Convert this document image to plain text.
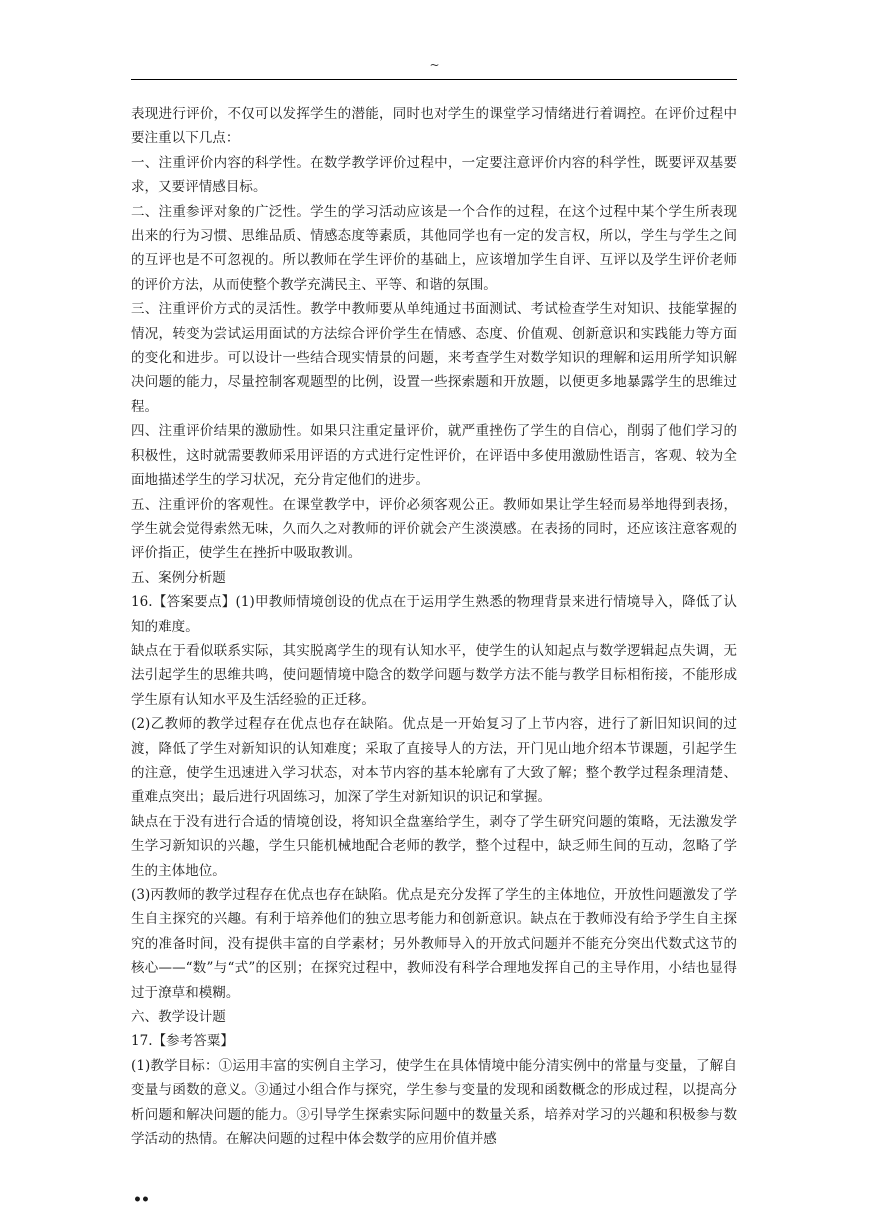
~

表现进行评价，不仅可以发挥学生的潜能，同时也对学生的课堂学习情绪进行着调控。在评价过程中要注重以下几点：

一、注重评价内容的科学性。在数学教学评价过程中，一定要注意评价内容的科学性，既要评双基要求，又要评情感目标。

二、注重参评对象的广泛性。学生的学习活动应该是一个合作的过程，在这个过程中某个学生所表现出来的行为习惯、思维品质、情感态度等素质，其他同学也有一定的发言权，所以，学生与学生之间的互评也是不可忽视的。所以教师在学生评价的基础上，应该增加学生自评、互评以及学生评价老师的评价方法，从而使整个教学充满民主、平等、和谐的氛围。

三、注重评价方式的灵活性。教学中教师要从单纯通过书面测试、考试检查学生对知识、技能掌握的情况，转变为尝试运用面试的方法综合评价学生在情感、态度、价值观、创新意识和实践能力等方面的变化和进步。可以设计一些结合现实情景的问题，来考查学生对数学知识的理解和运用所学知识解决问题的能力，尽量控制客观题型的比例，设置一些探索题和开放题，以便更多地暴露学生的思维过程。

四、注重评价结果的激励性。如果只注重定量评价，就严重挫伤了学生的自信心，削弱了他们学习的积极性，这时就需要教师采用评语的方式进行定性评价，在评语中多使用激励性语言，客观、较为全面地描述学生的学习状况，充分肯定他们的进步。

五、注重评价的客观性。在课堂教学中，评价必须客观公正。教师如果让学生轻而易举地得到表扬，学生就会觉得索然无味，久而久之对教师的评价就会产生淡漠感。在表扬的同时，还应该注意客观的评价指正，使学生在挫折中吸取教训。

五、案例分析题

16.【答案要点】(1)甲教师情境创设的优点在于运用学生熟悉的物理背景来进行情境导入，降低了认知的难度。

缺点在于看似联系实际，其实脱离学生的现有认知水平，使学生的认知起点与数学逻辑起点失调，无法引起学生的思维共鸣，使问题情境中隐含的数学问题与数学方法不能与教学目标相衔接，不能形成学生原有认知水平及生活经验的正迁移。

(2)乙教师的教学过程存在优点也存在缺陷。优点是一开始复习了上节内容，进行了新旧知识间的过渡，降低了学生对新知识的认知难度；采取了直接导人的方法，开门见山地介绍本节课题，引起学生的注意，使学生迅速进入学习状态，对本节内容的基本轮廓有了大致了解；整个教学过程条理清楚、重难点突出；最后进行巩固练习，加深了学生对新知识的识记和掌握。

缺点在于没有进行合适的情境创设，将知识全盘塞给学生，剥夺了学生研究问题的策略，无法激发学生学习新知识的兴趣，学生只能机械地配合老师的教学，整个过程中，缺乏师生间的互动，忽略了学生的主体地位。

(3)丙教师的教学过程存在优点也存在缺陷。优点是充分发挥了学生的主体地位，开放性问题激发了学生自主探究的兴趣。有利于培养他们的独立思考能力和创新意识。缺点在于教师没有给予学生自主探究的准备时间，没有提供丰富的自学素材；另外教师导入的开放式问题并不能充分突出代数式这节的核心——“数”与“式”的区别；在探究过程中，教师没有科学合理地发挥自己的主导作用，小结也显得过于潦草和模糊。

六、教学设计题

17.【参考答粟】

(1)教学目标：①运用丰富的实例自主学习，使学生在具体情境中能分清实例中的常量与变量，了解自变量与函数的意义。③通过小组合作与探究，学生参与变量的发现和函数概念的形成过程，以提高分析问题和解决问题的能力。③引导学生探索实际问题中的数量关系，培养对学习的兴趣和积极参与数学活动的热情。在解决问题的过程中体会数学的应用价值并感

••
